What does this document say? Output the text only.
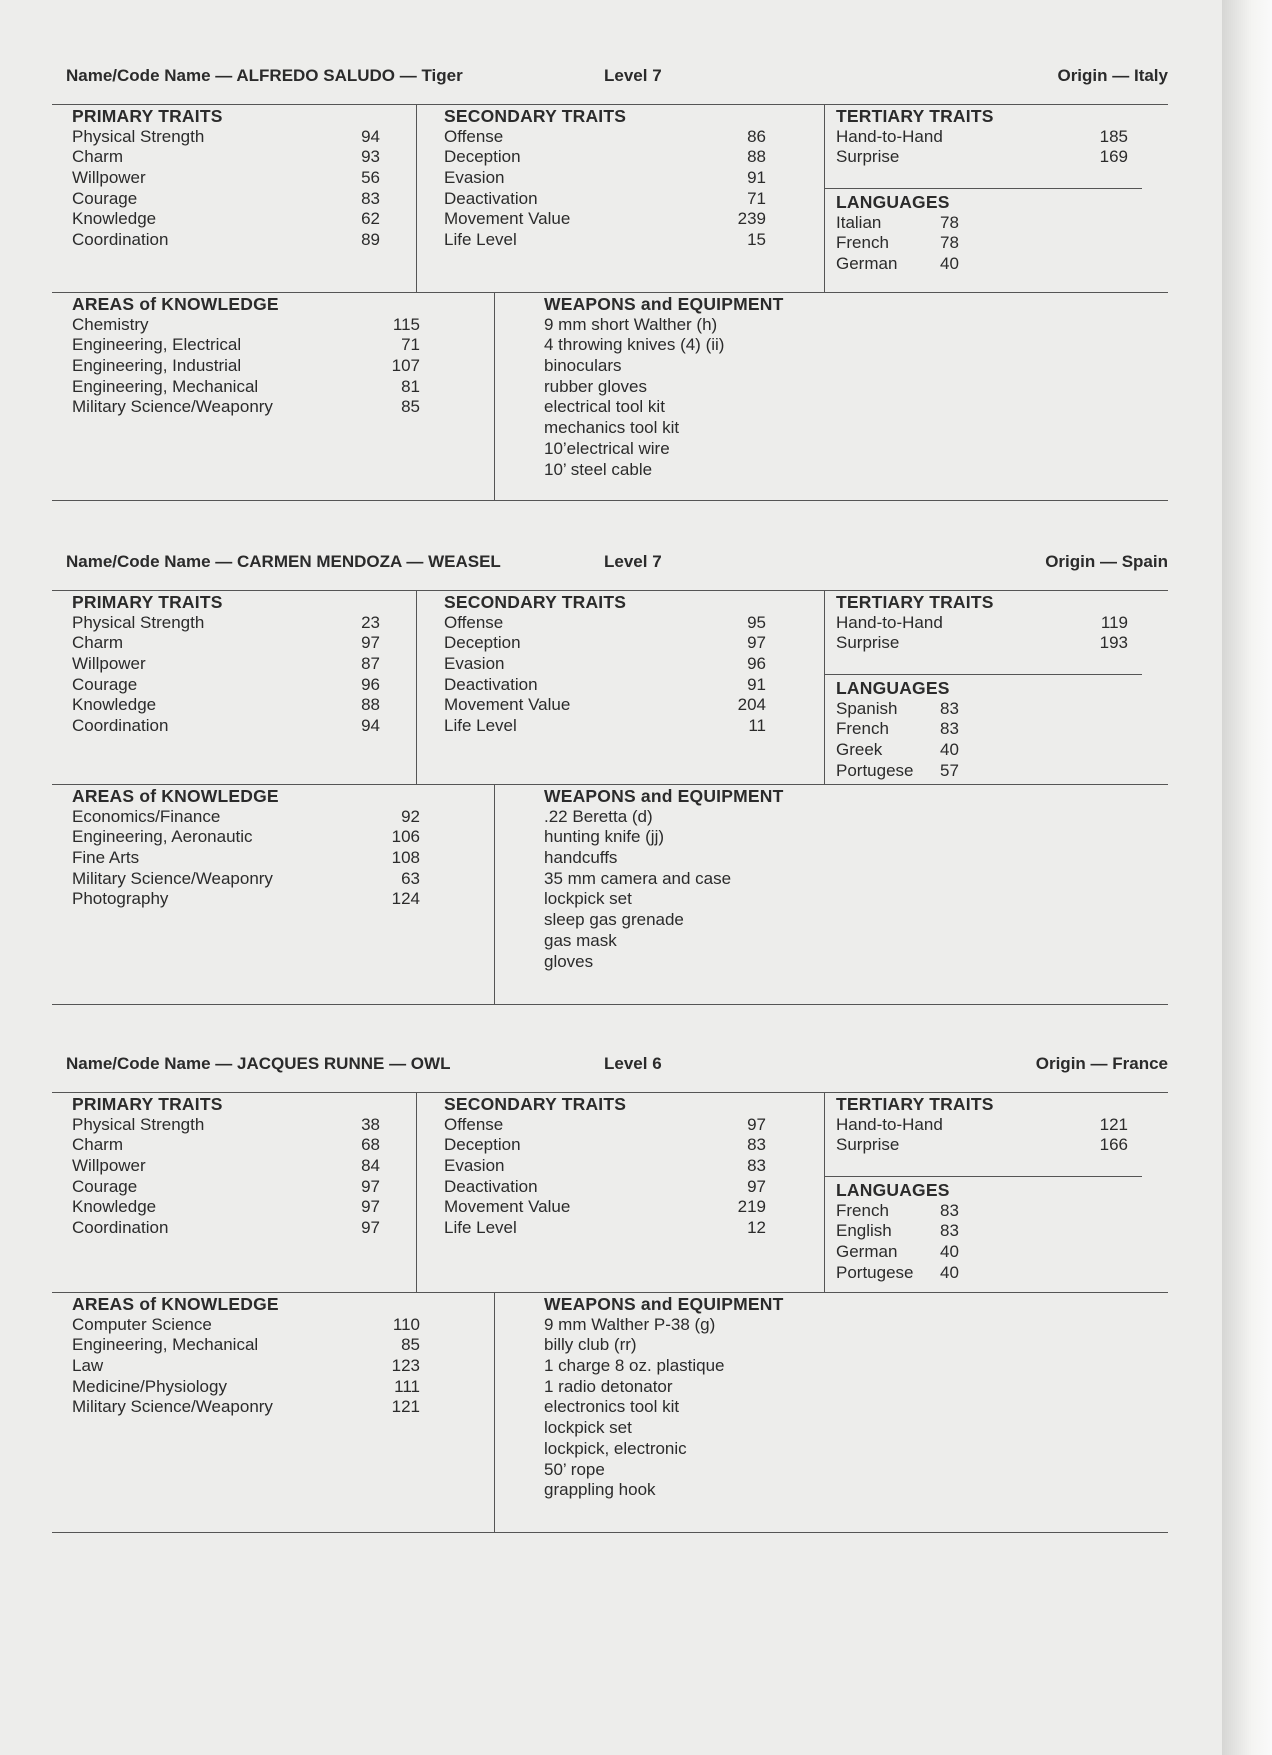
Name/Code Name — ALFREDO SALUDO — Tiger	Level 7	Origin — Italy
PRIMARY TRAITS
Physical Strength	94
Charm	93
Willpower	56
Courage	83
Knowledge	62
Coordination	89
SECONDARY TRAITS
Offense	86
Deception	88
Evasion	91
Deactivation	71
Movement Value	239
Life Level	15
TERTIARY TRAITS
Hand-to-Hand	185
Surprise	169
LANGUAGES
Italian	78
French	78
German	40
AREAS of KNOWLEDGE
Chemistry	115
Engineering, Electrical	71
Engineering, Industrial	107
Engineering, Mechanical	81
Military Science/Weaponry	85
WEAPONS and EQUIPMENT
9 mm short Walther (h)
4 throwing knives (4) (ii)
binoculars
rubber gloves
electrical tool kit
mechanics tool kit
10’electrical wire
10’ steel cable
Name/Code Name — CARMEN MENDOZA — WEASEL	Level 7	Origin — Spain
PRIMARY TRAITS
Physical Strength	23
Charm	97
Willpower	87
Courage	96
Knowledge	88
Coordination	94
SECONDARY TRAITS
Offense	95
Deception	97
Evasion	96
Deactivation	91
Movement Value	204
Life Level	11
TERTIARY TRAITS
Hand-to-Hand	119
Surprise	193
LANGUAGES
Spanish	83
French	83
Greek	40
Portugese 57
AREAS of KNOWLEDGE
Economics/Finance	92
Engineering, Aeronautic	106
Fine Arts	108
Military Science/Weaponry	63
Photography	124
WEAPONS and EQUIPMENT
.22 Beretta (d)
hunting knife (jj)
handcuffs
35 mm camera and case
lockpick set
sleep gas grenade
gas mask
gloves
Name/Code Name — JACQUES RUNNE — OWL	Level 6	Origin — France
PRIMARY TRAITS
Physical Strength	38
Charm	68
Willpower	84
Courage	97
Knowledge	97
Coordination	97
SECONDARY TRAITS
Offense	97
Deception	83
Evasion	83
Deactivation	97
Movement Value	219
Life Level	12
TERTIARY TRAITS
Hand-to-Hand	121
Surprise	166
LANGUAGES
French	83
English	83
German	40
Portugese 40
AREAS of KNOWLEDGE
Computer Science	110
Engineering, Mechanical	85
Law	123
Medicine/Physiology	111
Military Science/Weaponry	121
WEAPONS and EQUIPMENT
9 mm Walther P-38 (g)
billy club (rr)
1 charge 8 oz. plastique
1 radio detonator
electronics tool kit
lockpick set
lockpick, electronic
50’ rope
grappling hook
